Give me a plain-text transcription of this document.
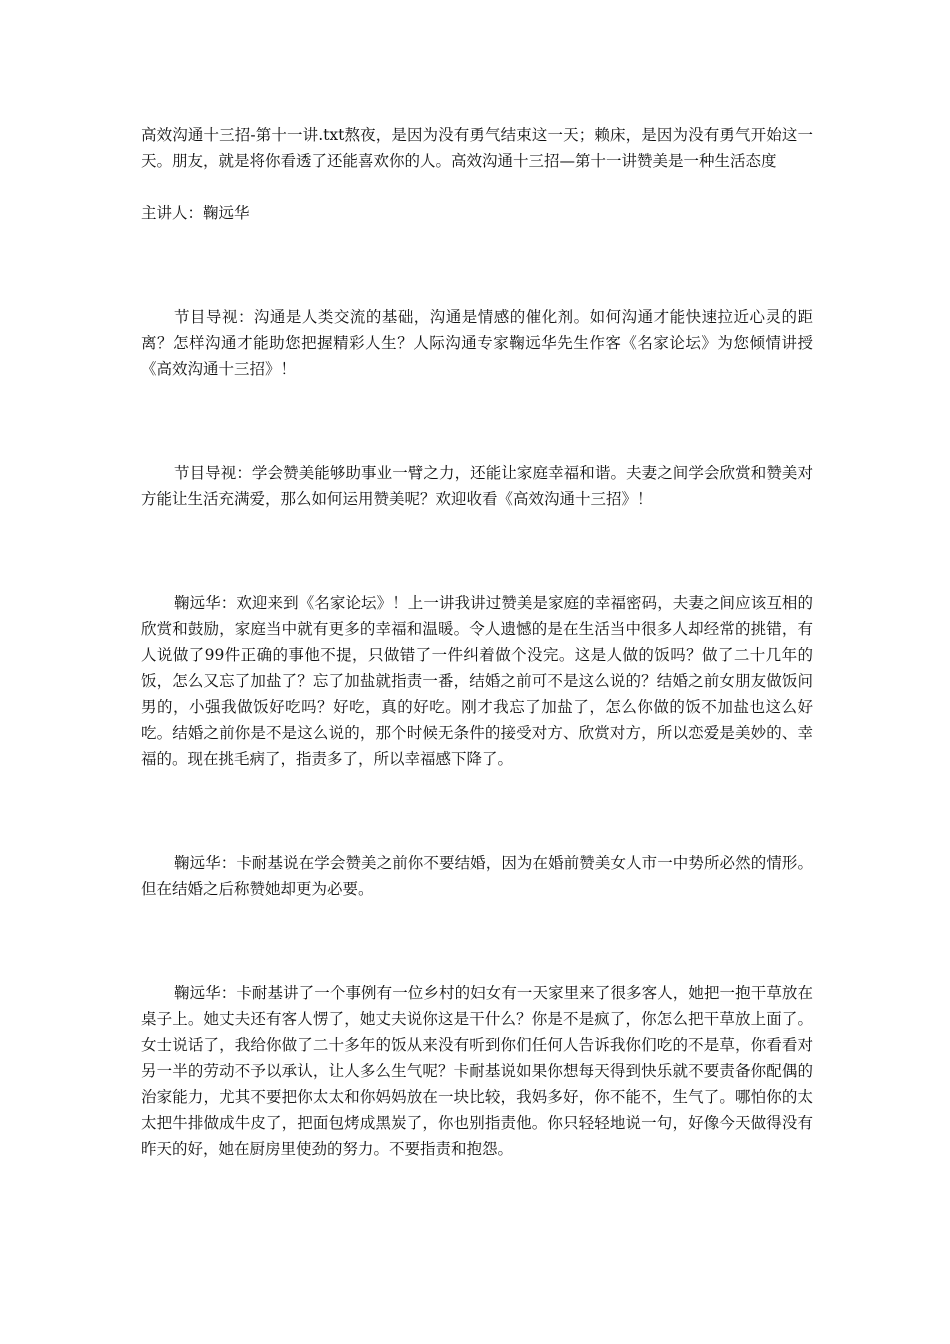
高效沟通十三招-第十一讲.txt熬夜，是因为没有勇气结束这一天；赖床，是因为没有勇气开始这一天。朋友，就是将你看透了还能喜欢你的人。高效沟通十三招—第十一讲赞美是一种生活态度

主讲人：鞠远华

节目导视：沟通是人类交流的基础，沟通是情感的催化剂。如何沟通才能快速拉近心灵的距离？怎样沟通才能助您把握精彩人生？人际沟通专家鞠远华先生作客《名家论坛》为您倾情讲授《高效沟通十三招》！

节目导视：学会赞美能够助事业一臂之力，还能让家庭幸福和谐。夫妻之间学会欣赏和赞美对方能让生活充满爱，那么如何运用赞美呢？欢迎收看《高效沟通十三招》！

鞠远华：欢迎来到《名家论坛》！上一讲我讲过赞美是家庭的幸福密码，夫妻之间应该互相的欣赏和鼓励，家庭当中就有更多的幸福和温暖。令人遗憾的是在生活当中很多人却经常的挑错，有人说做了99件正确的事他不提，只做错了一件纠着做个没完。这是人做的饭吗？做了二十几年的饭，怎么又忘了加盐了？忘了加盐就指责一番，结婚之前可不是这么说的？结婚之前女朋友做饭问男的，小强我做饭好吃吗？好吃，真的好吃。刚才我忘了加盐了，怎么你做的饭不加盐也这么好吃。结婚之前你是不是这么说的，那个时候无条件的接受对方、欣赏对方，所以恋爱是美妙的、幸福的。现在挑毛病了，指责多了，所以幸福感下降了。

鞠远华：卡耐基说在学会赞美之前你不要结婚，因为在婚前赞美女人市一中势所必然的情形。但在结婚之后称赞她却更为必要。

鞠远华：卡耐基讲了一个事例有一位乡村的妇女有一天家里来了很多客人，她把一抱干草放在桌子上。她丈夫还有客人愣了，她丈夫说你这是干什么？你是不是疯了，你怎么把干草放上面了。女士说话了，我给你做了二十多年的饭从来没有听到你们任何人告诉我你们吃的不是草，你看看对另一半的劳动不予以承认，让人多么生气呢？卡耐基说如果你想每天得到快乐就不要责备你配偶的治家能力，尤其不要把你太太和你妈妈放在一块比较，我妈多好，你不能不，生气了。哪怕你的太太把牛排做成牛皮了，把面包烤成黑炭了，你也别指责他。你只轻轻地说一句，好像今天做得没有昨天的好，她在厨房里使劲的努力。不要指责和抱怨。
